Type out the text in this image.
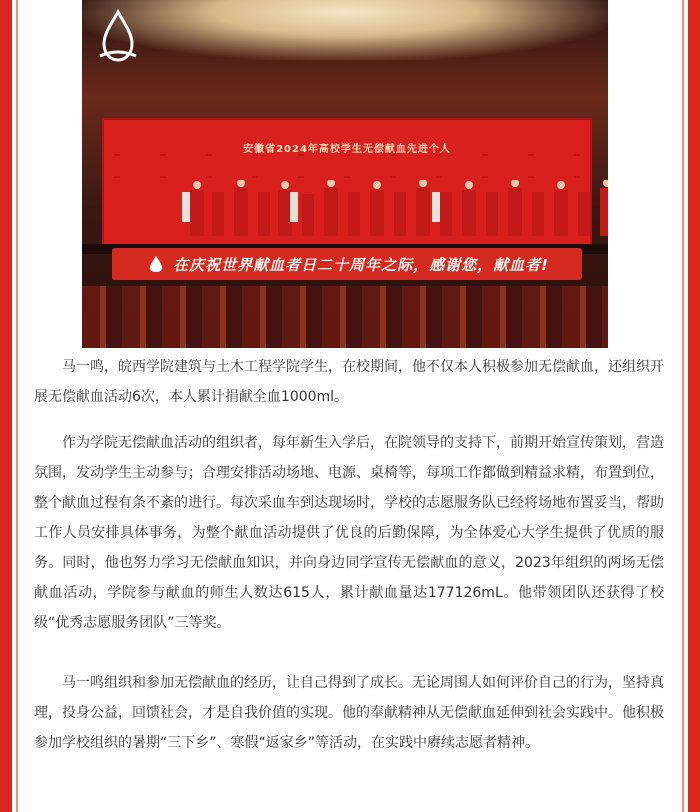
安徽省2024年高校学生无偿献血先进个人
在庆祝世界献血者日二十周年之际，感谢您，献血者!

马一鸣，皖西学院建筑与土木工程学院学生，在校期间，他不仅本人积极参加无偿献血，还组织开展无偿献血活动6次，本人累计捐献全血1000ml。

作为学院无偿献血活动的组织者，每年新生入学后，在院领导的支持下，前期开始宣传策划，营造氛围，发动学生主动参与；合理安排活动场地、电源、桌椅等，每项工作都做到精益求精，布置到位，整个献血过程有条不紊的进行。每次采血车到达现场时，学校的志愿服务队已经将场地布置妥当，帮助工作人员安排具体事务，为整个献血活动提供了优良的后勤保障，为全体爱心大学生提供了优质的服务。同时，他也努力学习无偿献血知识，并向身边同学宣传无偿献血的意义，2023年组织的两场无偿献血活动，学院参与献血的师生人数达615人，累计献血量达177126mL。他带领团队还获得了校级“优秀志愿服务团队”三等奖。

马一鸣组织和参加无偿献血的经历，让自己得到了成长。无论周围人如何评价自己的行为，坚持真理，投身公益，回馈社会，才是自我价值的实现。他的奉献精神从无偿献血延伸到社会实践中。他积极参加学校组织的暑期“三下乡”、寒假“返家乡”等活动，在实践中赓续志愿者精神。
